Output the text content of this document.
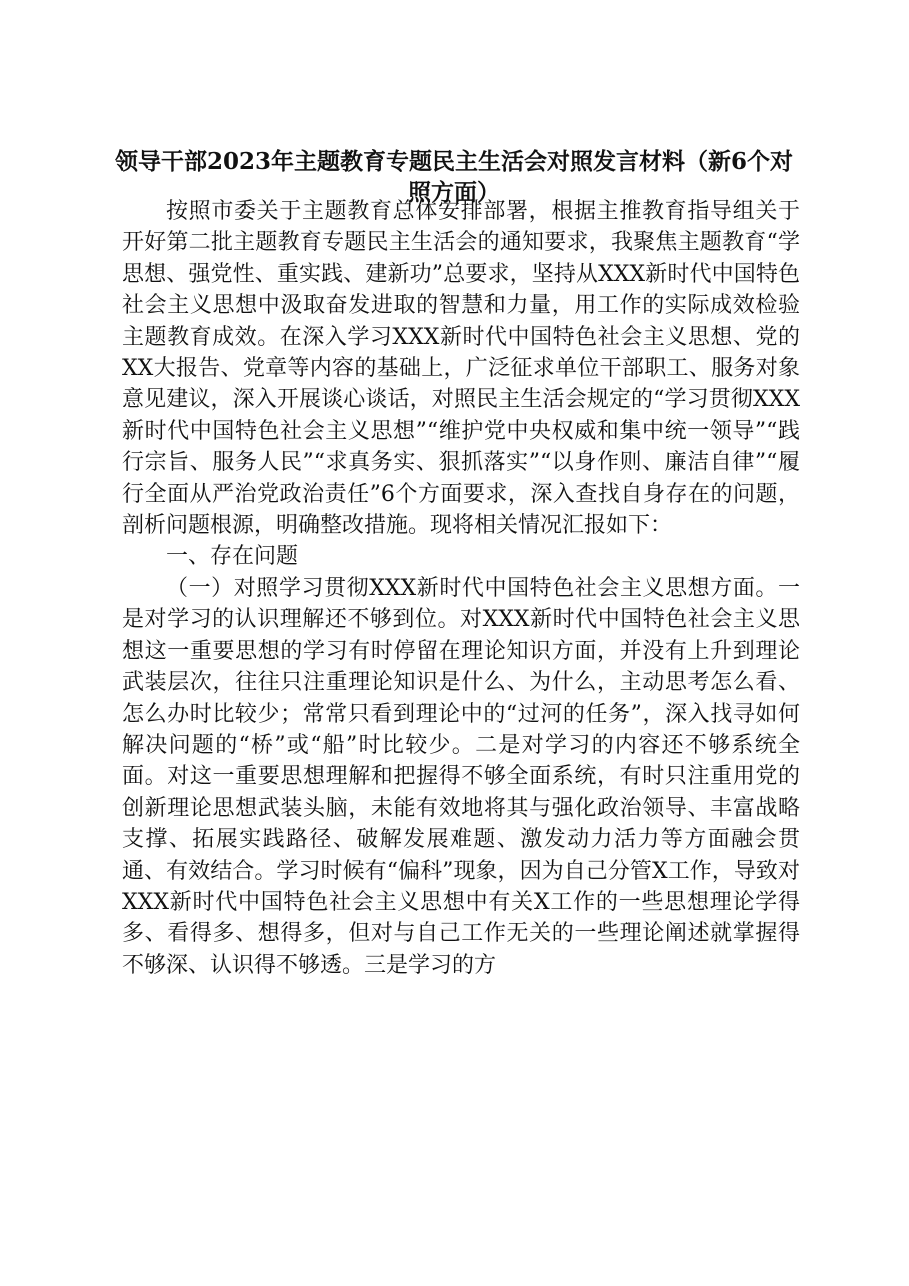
领导干部2023年主题教育专题民主生活会对照发言材料（新6个对照方面）

按照市委关于主题教育总体安排部署，根据主推教育指导组关于开好第二批主题教育专题民主生活会的通知要求，我聚焦主题教育“学思想、强党性、重实践、建新功”总要求，坚持从XXX新时代中国特色社会主义思想中汲取奋发进取的智慧和力量，用工作的实际成效检验主题教育成效。在深入学习XXX新时代中国特色社会主义思想、党的XX大报告、党章等内容的基础上，广泛征求单位干部职工、服务对象意见建议，深入开展谈心谈话，对照民主生活会规定的“学习贯彻XXX新时代中国特色社会主义思想”“维护党中央权威和集中统一领导”“践行宗旨、服务人民”“求真务实、狠抓落实”“以身作则、廉洁自律”“履行全面从严治党政治责任”6个方面要求，深入查找自身存在的问题，剖析问题根源，明确整改措施。现将相关情况汇报如下：

一、存在问题

（一）对照学习贯彻XXX新时代中国特色社会主义思想方面。一是对学习的认识理解还不够到位。对XXX新时代中国特色社会主义思想这一重要思想的学习有时停留在理论知识方面，并没有上升到理论武装层次，往往只注重理论知识是什么、为什么，主动思考怎么看、怎么办时比较少；常常只看到理论中的“过河的任务”，深入找寻如何解决问题的“桥”或“船”时比较少。二是对学习的内容还不够系统全面。对这一重要思想理解和把握得不够全面系统，有时只注重用党的创新理论思想武装头脑，未能有效地将其与强化政治领导、丰富战略支撑、拓展实践路径、破解发展难题、激发动力活力等方面融会贯通、有效结合。学习时候有“偏科”现象，因为自己分管X工作，导致对XXX新时代中国特色社会主义思想中有关X工作的一些思想理论学得多、看得多、想得多，但对与自己工作无关的一些理论阐述就掌握得不够深、认识得不够透。三是学习的方
